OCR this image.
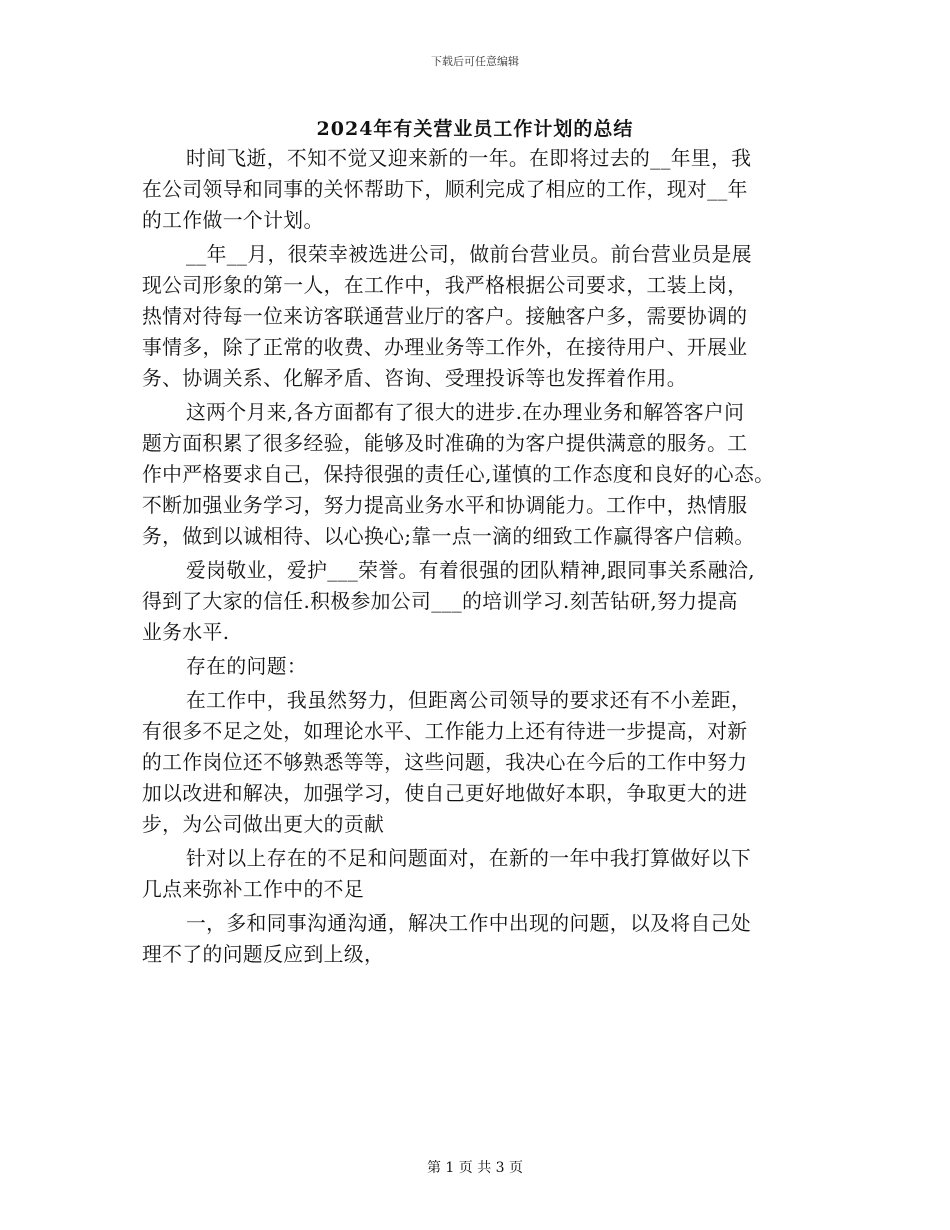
下载后可任意编辑
2024年有关营业员工作计划的总结
时间飞逝，不知不觉又迎来新的一年。在即将过去的__年里，我
在公司领导和同事的关怀帮助下，顺利完成了相应的工作，现对__年
的工作做一个计划。
__年__月，很荣幸被选进公司，做前台营业员。前台营业员是展
现公司形象的第一人，在工作中，我严格根据公司要求，工装上岗，
热情对待每一位来访客联通营业厅的客户。接触客户多，需要协调的
事情多，除了正常的收费、办理业务等工作外，在接待用户、开展业
务、协调关系、化解矛盾、咨询、受理投诉等也发挥着作用。
这两个月来,各方面都有了很大的进步.在办理业务和解答客户问
题方面积累了很多经验，能够及时准确的为客户提供满意的服务。工
作中严格要求自己，保持很强的责任心,谨慎的工作态度和良好的心态。
不断加强业务学习，努力提高业务水平和协调能力。工作中，热情服
务，做到以诚相待、以心换心;靠一点一滴的细致工作赢得客户信赖。
爱岗敬业，爱护___荣誉。有着很强的团队精神,跟同事关系融洽,
得到了大家的信任.积极参加公司___的培训学习.刻苦钻研,努力提高
业务水平.
存在的问题：
在工作中，我虽然努力，但距离公司领导的要求还有不小差距，
有很多不足之处，如理论水平、工作能力上还有待进一步提高，对新
的工作岗位还不够熟悉等等，这些问题，我决心在今后的工作中努力
加以改进和解决，加强学习，使自己更好地做好本职，争取更大的进
步，为公司做出更大的贡献
针对以上存在的不足和问题面对，在新的一年中我打算做好以下
几点来弥补工作中的不足
一，多和同事沟通沟通，解决工作中出现的问题，以及将自己处
理不了的问题反应到上级，
第 1 页 共 3 页
